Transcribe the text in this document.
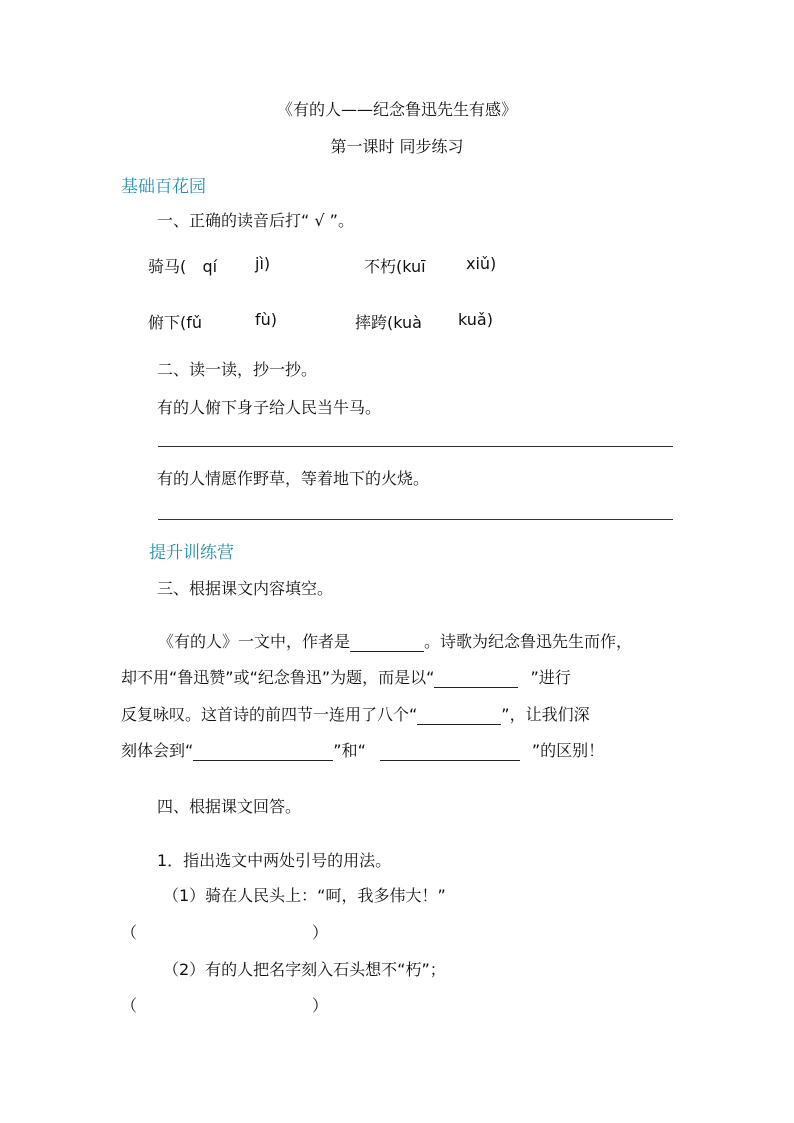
《有的人——纪念鲁迅先生有感》
第一课时 同步练习
基础百花园
一、正确的读音后打“ √ ”。
骑马( qí jì)	不朽(kuī	xiǔ)
俯下(fǔ	fù)	摔跨(kuà kuǎ)
二、读一读，抄一抄。
有的人俯下身子给人民当牛马。
有的人情愿作野草，等着地下的火烧。
提升训练营
三、根据课文内容填空。
《有的人》一文中，作者是	。诗歌为纪念鲁迅先生而作，
却不用“鲁迅赞”或“纪念鲁迅”为题，而是以“	”进行
反复咏叹。这首诗的前四节一连用了八个“	”，让我们深
刻体会到“	”和“	”的区别！
四、根据课文回答。
1．指出选文中两处引号的用法。
（1）骑在人民头上：“呵，我多伟大！”
（	）
（2）有的人把名字刻入石头想不“朽”；
（	）
